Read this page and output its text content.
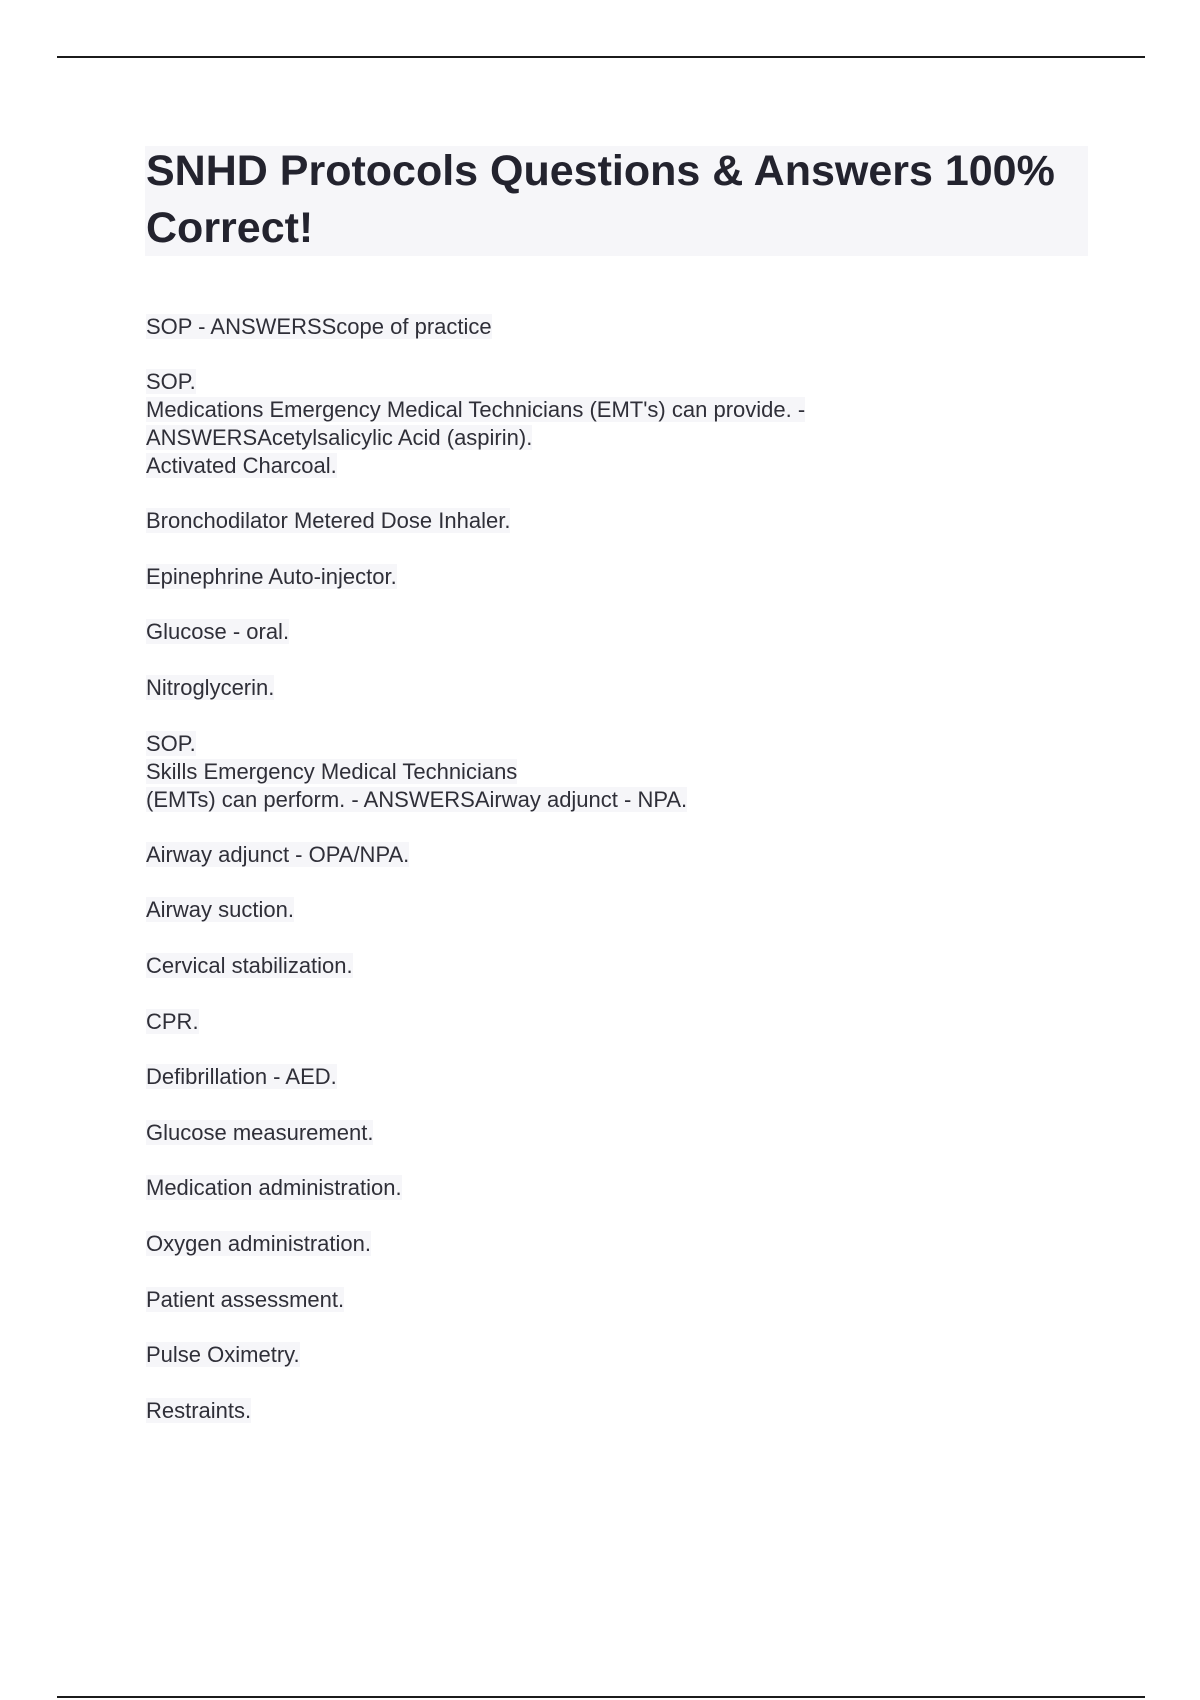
SNHD Protocols Questions & Answers 100% Correct!

SOP - ANSWERSScope of practice

SOP.
Medications Emergency Medical Technicians (EMT's) can provide. -
ANSWERSAcetylsalicylic Acid (aspirin).
Activated Charcoal.

Bronchodilator Metered Dose Inhaler.

Epinephrine Auto-injector.

Glucose - oral.

Nitroglycerin.

SOP.
Skills Emergency Medical Technicians
(EMTs) can perform. - ANSWERSAirway adjunct - NPA.

Airway adjunct - OPA/NPA.

Airway suction.

Cervical stabilization.

CPR.

Defibrillation - AED.

Glucose measurement.

Medication administration.

Oxygen administration.

Patient assessment.

Pulse Oximetry.

Restraints.
